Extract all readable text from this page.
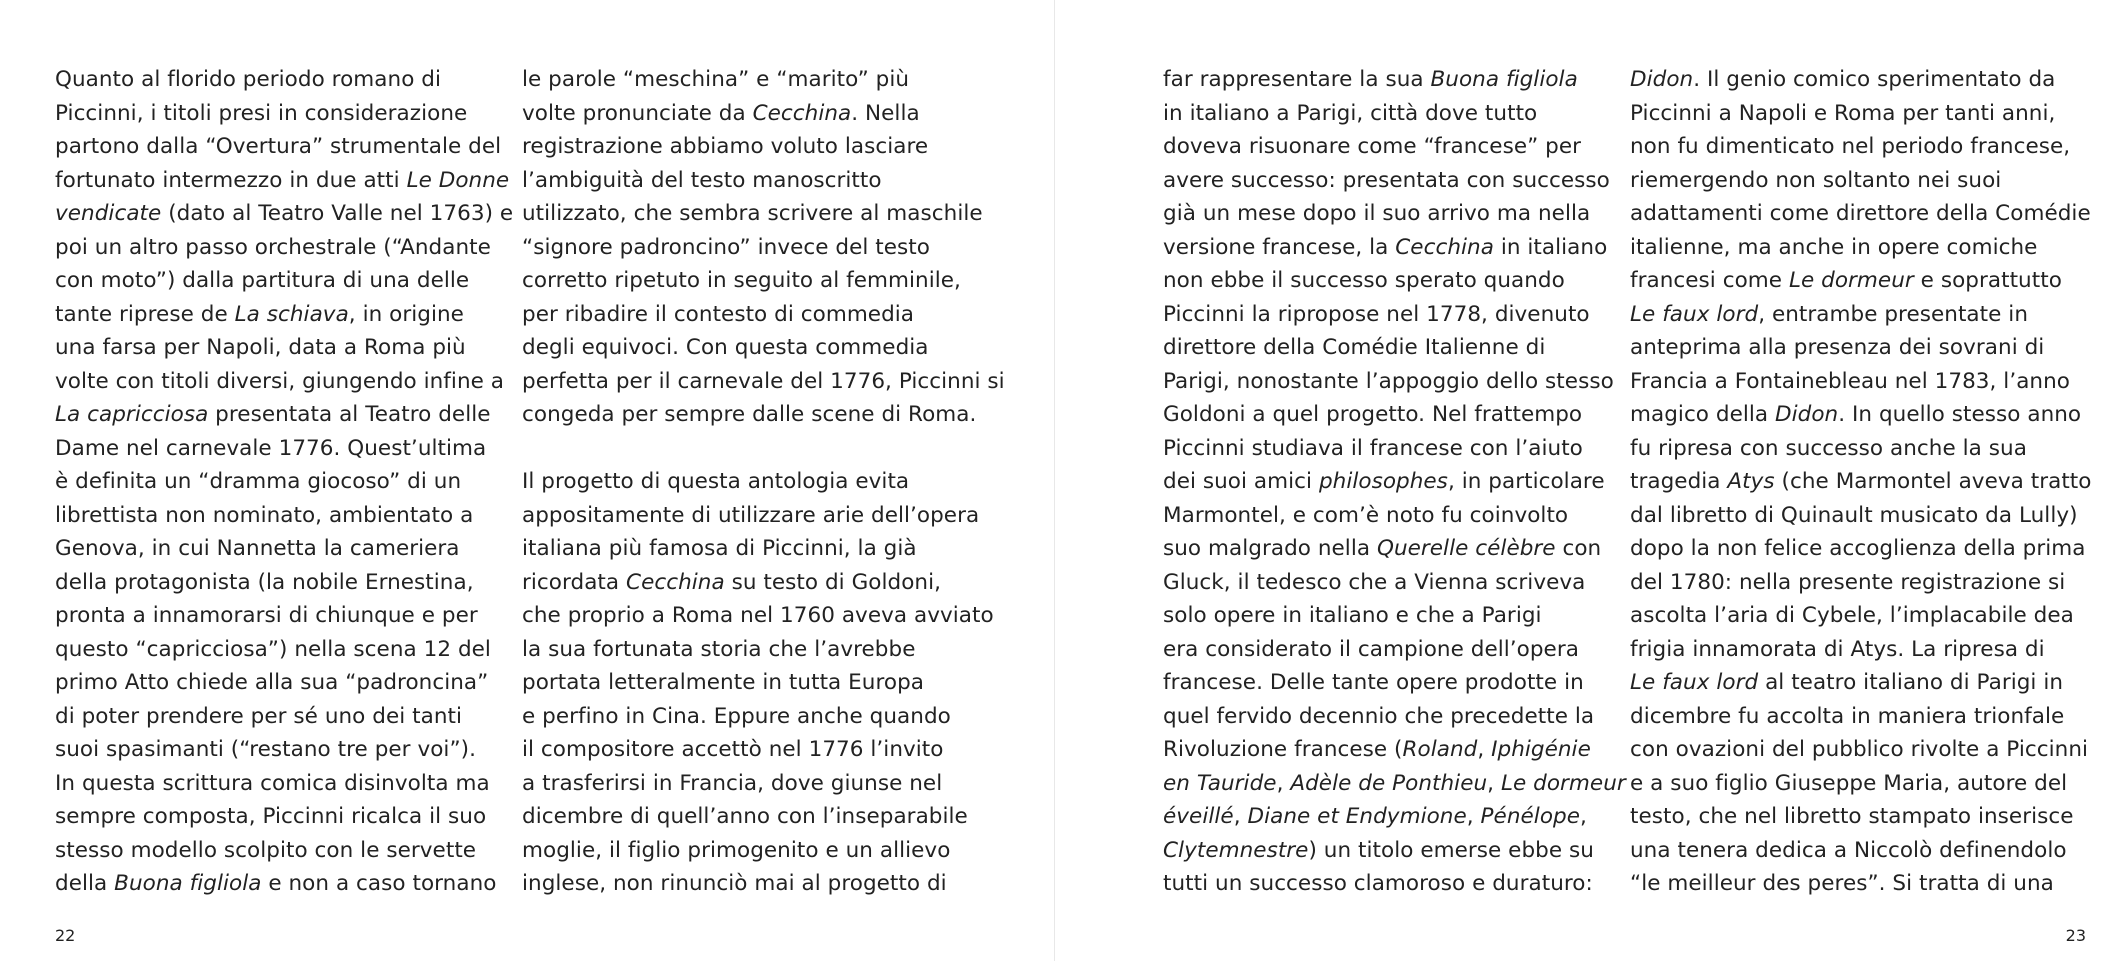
Quanto al florido periodo romano di
Piccinni, i titoli presi in considerazione
partono dalla “Overtura” strumentale del
fortunato intermezzo in due atti Le Donne
vendicate (dato al Teatro Valle nel 1763) e
poi un altro passo orchestrale (“Andante
con moto”) dalla partitura di una delle
tante riprese de La schiava, in origine
una farsa per Napoli, data a Roma più
volte con titoli diversi, giungendo infine a
La capricciosa presentata al Teatro delle
Dame nel carnevale 1776. Quest’ultima
è definita un “dramma giocoso” di un
librettista non nominato, ambientato a
Genova, in cui Nannetta la cameriera
della protagonista (la nobile Ernestina,
pronta a innamorarsi di chiunque e per
questo “capricciosa”) nella scena 12 del
primo Atto chiede alla sua “padroncina”
di poter prendere per sé uno dei tanti
suoi spasimanti (“restano tre per voi”).
In questa scrittura comica disinvolta ma
sempre composta, Piccinni ricalca il suo
stesso modello scolpito con le servette
della Buona figliola e non a caso tornano
le parole “meschina” e “marito” più
volte pronunciate da Cecchina. Nella
registrazione abbiamo voluto lasciare
l’ambiguità del testo manoscritto
utilizzato, che sembra scrivere al maschile
“signore padroncino” invece del testo
corretto ripetuto in seguito al femminile,
per ribadire il contesto di commedia
degli equivoci. Con questa commedia
perfetta per il carnevale del 1776, Piccinni si
congeda per sempre dalle scene di Roma.
Il progetto di questa antologia evita
appositamente di utilizzare arie dell’opera
italiana più famosa di Piccinni, la già
ricordata Cecchina su testo di Goldoni,
che proprio a Roma nel 1760 aveva avviato
la sua fortunata storia che l’avrebbe
portata letteralmente in tutta Europa
e perfino in Cina. Eppure anche quando
il compositore accettò nel 1776 l’invito
a trasferirsi in Francia, dove giunse nel
dicembre di quell’anno con l’inseparabile
moglie, il figlio primogenito e un allievo
inglese, non rinunciò mai al progetto di
22
far rappresentare la sua Buona figliola
in italiano a Parigi, città dove tutto
doveva risuonare come “francese” per
avere successo: presentata con successo
già un mese dopo il suo arrivo ma nella
versione francese, la Cecchina in italiano
non ebbe il successo sperato quando
Piccinni la ripropose nel 1778, divenuto
direttore della Comédie Italienne di
Parigi, nonostante l’appoggio dello stesso
Goldoni a quel progetto. Nel frattempo
Piccinni studiava il francese con l’aiuto
dei suoi amici philosophes, in particolare
Marmontel, e com’è noto fu coinvolto
suo malgrado nella Querelle célèbre con
Gluck, il tedesco che a Vienna scriveva
solo opere in italiano e che a Parigi
era considerato il campione dell’opera
francese. Delle tante opere prodotte in
quel fervido decennio che precedette la
Rivoluzione francese (Roland, Iphigénie
en Tauride, Adèle de Ponthieu, Le dormeur
éveillé, Diane et Endymione, Pénélope,
Clytemnestre) un titolo emerse ebbe su
tutti un successo clamoroso e duraturo:
Didon. Il genio comico sperimentato da
Piccinni a Napoli e Roma per tanti anni,
non fu dimenticato nel periodo francese,
riemergendo non soltanto nei suoi
adattamenti come direttore della Comédie
italienne, ma anche in opere comiche
francesi come Le dormeur e soprattutto
Le faux lord, entrambe presentate in
anteprima alla presenza dei sovrani di
Francia a Fontainebleau nel 1783, l’anno
magico della Didon. In quello stesso anno
fu ripresa con successo anche la sua
tragedia Atys (che Marmontel aveva tratto
dal libretto di Quinault musicato da Lully)
dopo la non felice accoglienza della prima
del 1780: nella presente registrazione si
ascolta l’aria di Cybele, l’implacabile dea
frigia innamorata di Atys. La ripresa di
Le faux lord al teatro italiano di Parigi in
dicembre fu accolta in maniera trionfale
con ovazioni del pubblico rivolte a Piccinni
e a suo figlio Giuseppe Maria, autore del
testo, che nel libretto stampato inserisce
una tenera dedica a Niccolò definendolo
“le meilleur des peres”. Si tratta di una
23
